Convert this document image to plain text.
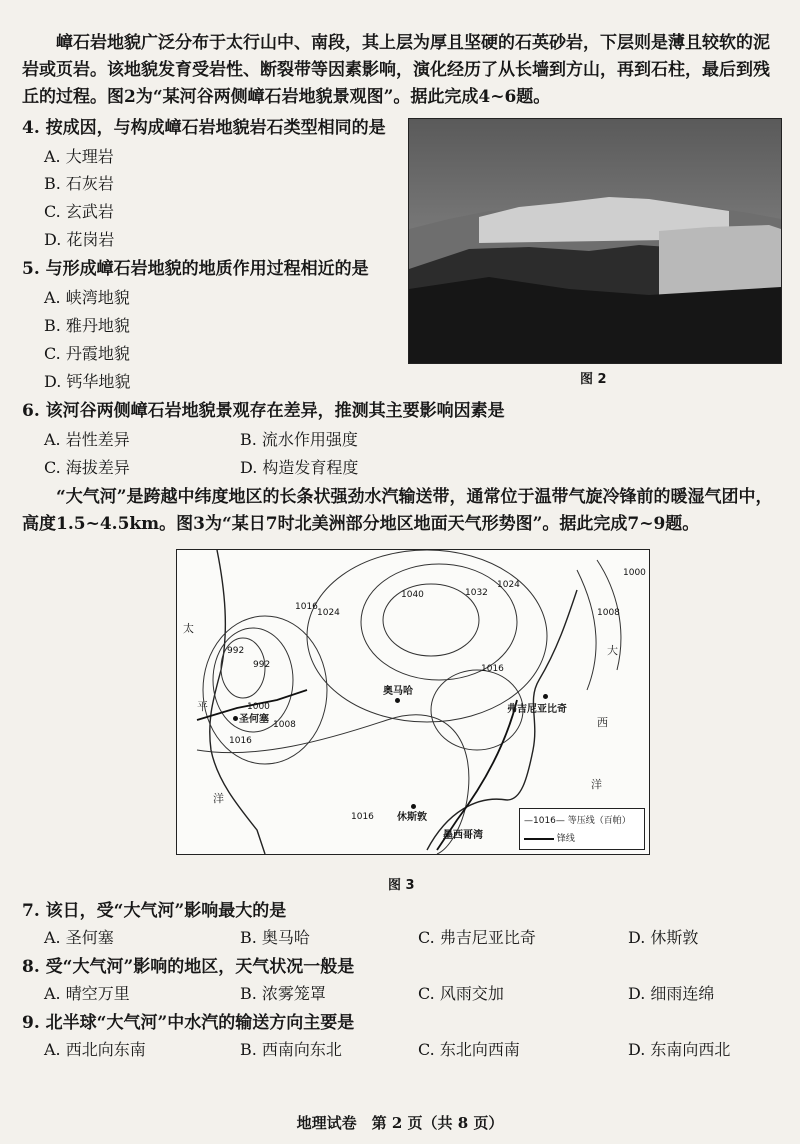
嶂石岩地貌广泛分布于太行山中、南段，其上层为厚且坚硬的石英砂岩，下层则是薄且较软的泥岩或页岩。该地貌发育受岩性、断裂带等因素影响，演化经历了从长墙到方山，再到石柱，最后到残丘的过程。图2为“某河谷两侧嶂石岩地貌景观图”。据此完成4~6题。
4. 按成因，与构成嶂石岩地貌岩石类型相同的是
A. 大理岩
B. 石灰岩
C. 玄武岩
D. 花岗岩
5. 与形成嶂石岩地貌的地质作用过程相近的是
A. 峡湾地貌
B. 雅丹地貌
C. 丹霞地貌
D. 钙华地貌	图 2
6. 该河谷两侧嶂石岩地貌景观存在差异，推测其主要影响因素是
A. 岩性差异	B. 流水作用强度
C. 海拔差异	D. 构造发育程度
“大气河”是跨越中纬度地区的长条状强劲水汽输送带，通常位于温带气旋冷锋前的暖湿气团中，高度1.5~4.5km。图3为“某日7时北美洲部分地区地面天气形势图”。据此完成7~9题。
1024
1040	1032
1024
1000
1008
1016
992
992
1000
1008
1016
1016
1016
太
平
洋
大
西
洋
圣何塞
奥马哈
弗吉尼亚比奇
休斯敦
墨西哥湾
—1016— 等压线（百帕）
锋线
图 3
7. 该日，受“大气河”影响最大的是
A. 圣何塞	B. 奥马哈	C. 弗吉尼亚比奇	D. 休斯敦
8. 受“大气河”影响的地区，天气状况一般是
A. 晴空万里	B. 浓雾笼罩	C. 风雨交加	D. 细雨连绵
9. 北半球“大气河”中水汽的输送方向主要是
A. 西北向东南	B. 西南向东北	C. 东北向西南	D. 东南向西北
地理试卷　第 2 页（共 8 页）
